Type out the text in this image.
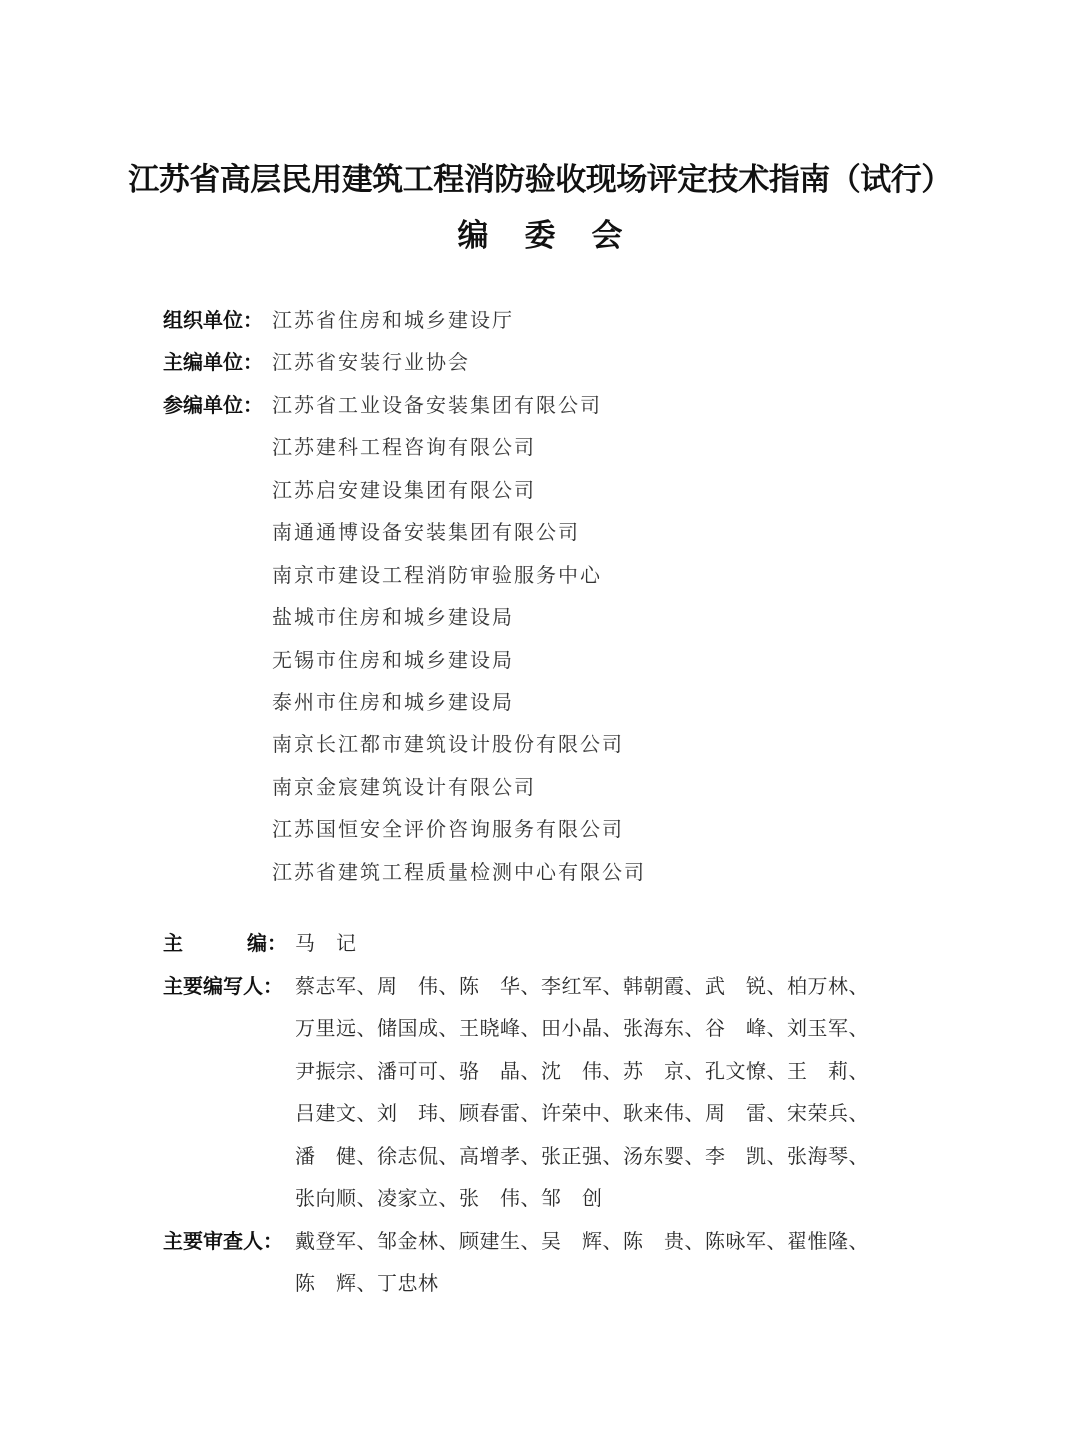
江苏省高层民用建筑工程消防验收现场评定技术指南（试行）
编委会
组织单位： 江苏省住房和城乡建设厅
主编单位： 江苏省安装行业协会
参编单位： 江苏省工业设备安装集团有限公司
江苏建科工程咨询有限公司
江苏启安建设集团有限公司
南通通博设备安装集团有限公司
南京市建设工程消防审验服务中心
盐城市住房和城乡建设局
无锡市住房和城乡建设局
泰州市住房和城乡建设局
南京长江都市建筑设计股份有限公司
南京金宸建筑设计有限公司
江苏国恒安全评价咨询服务有限公司
江苏省建筑工程质量检测中心有限公司
主	编： 马　记
主要编写人： 蔡志军、周　伟、陈　华、李红军、韩朝霞、武　锐、柏万林、
万里远、储国成、王晓峰、田小晶、张海东、谷　峰、刘玉军、
尹振宗、潘可可、骆　晶、沈　伟、苏　京、孔文憭、王　莉、
吕建文、刘　玮、顾春雷、许荣中、耿来伟、周　雷、宋荣兵、
潘　健、徐志侃、高增孝、张正强、汤东婴、李　凯、张海琴、
张向顺、凌家立、张　伟、邹　创
主要审查人： 戴登军、邹金林、顾建生、吴　辉、陈　贵、陈咏军、翟惟隆、
陈　辉、丁忠林
